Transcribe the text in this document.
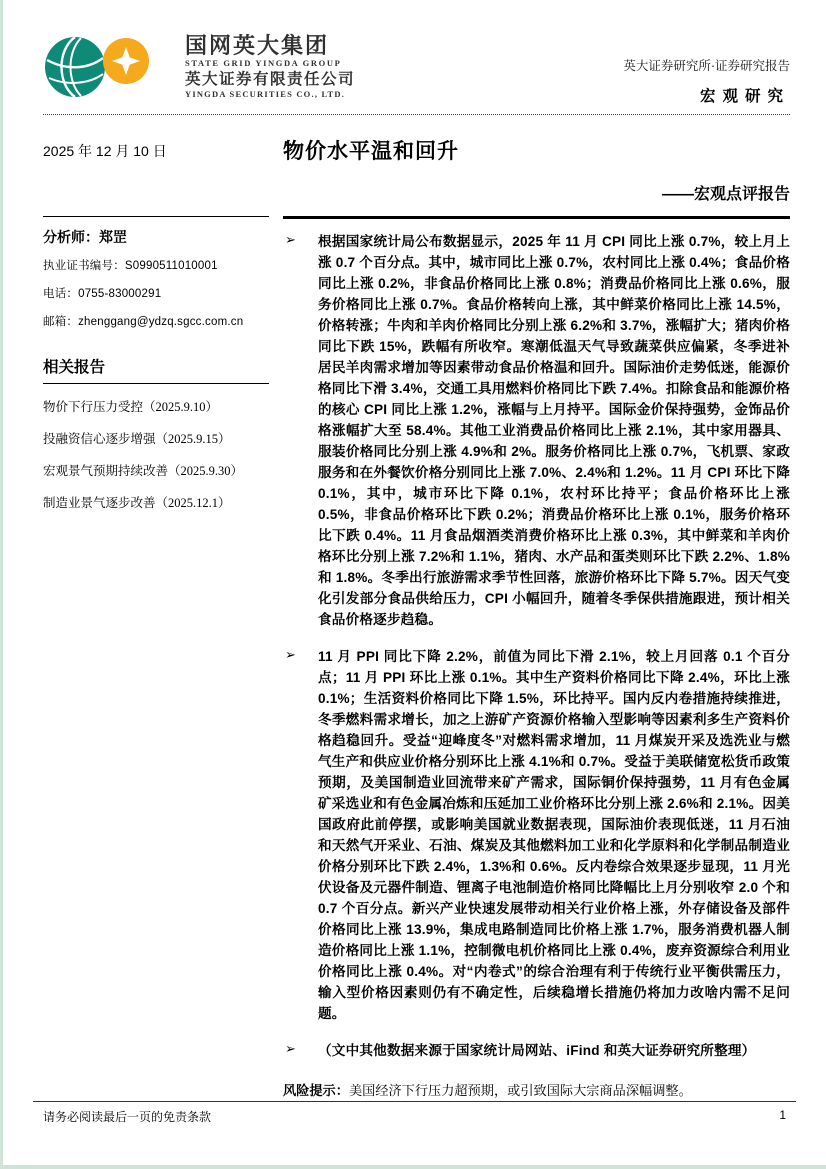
国网英大集团
STATE GRID YINGDA GROUP
英大证券有限责任公司
YINGDA SECURITIES CO., LTD.
英大证券研究所·证券研究报告
宏观研究
2025 年 12 月 10 日	物价水平温和回升
——宏观点评报告
分析师：郑罡
执业证书编号：S0990511010001
电话：0755-83000291
邮箱：zhenggang@ydzq.sgcc.com.cn
相关报告
物价下行压力受控（2025.9.10）
投融资信心逐步增强（2025.9.15）
宏观景气预期持续改善（2025.9.30）
制造业景气逐步改善（2025.12.1）
➢ 根据国家统计局公布数据显示，2025 年 11 月 CPI 同比上涨 0.7%，较上月上涨 0.7 个百分点。其中，城市同比上涨 0.7%，农村同比上涨 0.4%；食品价格同比上涨 0.2%，非食品价格同比上涨 0.8%；消费品价格同比上涨 0.6%，服务价格同比上涨 0.7%。食品价格转向上涨，其中鲜菜价格同比上涨 14.5%，价格转涨；牛肉和羊肉价格同比分别上涨 6.2%和 3.7%，涨幅扩大；猪肉价格同比下跌 15%，跌幅有所收窄。寒潮低温天气导致蔬菜供应偏紧，冬季进补居民羊肉需求增加等因素带动食品价格温和回升。国际油价走势低迷，能源价格同比下滑 3.4%，交通工具用燃料价格同比下跌 7.4%。扣除食品和能源价格的核心 CPI 同比上涨 1.2%，涨幅与上月持平。国际金价保持强势，金饰品价格涨幅扩大至 58.4%。其他工业消费品价格同比上涨 2.1%，其中家用器具、服装价格同比分别上涨 4.9%和 2%。服务价格同比上涨 0.7%，飞机票、家政服务和在外餐饮价格分别同比上涨 7.0%、2.4%和 1.2%。11 月 CPI 环比下降 0.1%，其中，城市环比下降 0.1%，农村环比持平；食品价格环比上涨 0.5%，非食品价格环比下跌 0.2%；消费品价格环比上涨 0.1%，服务价格环比下跌 0.4%。11 月食品烟酒类消费价格环比上涨 0.3%，其中鲜菜和羊肉价格环比分别上涨 7.2%和 1.1%，猪肉、水产品和蛋类则环比下跌 2.2%、1.8%和 1.8%。冬季出行旅游需求季节性回落，旅游价格环比下降 5.7%。因天气变化引发部分食品供给压力，CPI 小幅回升，随着冬季保供措施跟进，预计相关食品价格逐步趋稳。
➢ 11 月 PPI 同比下降 2.2%，前值为同比下滑 2.1%，较上月回落 0.1 个百分点；11 月 PPI 环比上涨 0.1%。其中生产资料价格同比下降 2.4%，环比上涨 0.1%；生活资料价格同比下降 1.5%，环比持平。国内反内卷措施持续推进，冬季燃料需求增长，加之上游矿产资源价格输入型影响等因素利多生产资料价格趋稳回升。受益“迎峰度冬”对燃料需求增加，11 月煤炭开采及选洗业与燃气生产和供应业价格分别环比上涨 4.1%和 0.7%。受益于美联储宽松货币政策预期，及美国制造业回流带来矿产需求，国际铜价保持强势，11 月有色金属矿采选业和有色金属冶炼和压延加工业价格环比分别上涨 2.6%和 2.1%。因美国政府此前停摆，或影响美国就业数据表现，国际油价表现低迷，11 月石油和天然气开采业、石油、煤炭及其他燃料加工业和化学原料和化学制品制造业价格分别环比下跌 2.4%，1.3%和 0.6%。反内卷综合效果逐步显现，11 月光伏设备及元器件制造、锂离子电池制造价格同比降幅比上月分别收窄 2.0 个和 0.7 个百分点。新兴产业快速发展带动相关行业价格上涨，外存储设备及部件价格同比上涨 13.9%，集成电路制造同比价格上涨 1.7%，服务消费机器人制造价格同比上涨 1.1%，控制微电机价格同比上涨 0.4%，废弃资源综合利用业价格同比上涨 0.4%。对“内卷式”的综合治理有利于传统行业平衡供需压力，输入型价格因素则仍有不确定性，后续稳增长措施仍将加力改啥内需不足问题。
➢ （文中其他数据来源于国家统计局网站、iFind 和英大证券研究所整理）
风险提示：美国经济下行压力超预期，或引致国际大宗商品深幅调整。
请务必阅读最后一页的免责条款	1
